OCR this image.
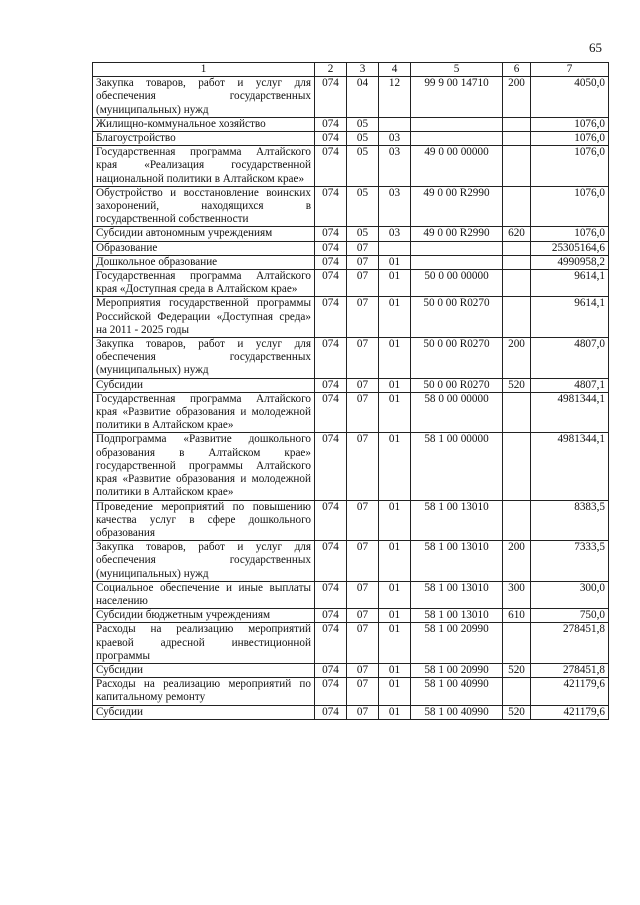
65
1	2	3	4	5	6	7
Закупка товаров, работ и услуг для обеспечения государственных (муниципальных) нужд	074	04	12	99 9 00 14710	200	4050,0
Жилищно-коммунальное хозяйство	074	05				1076,0
Благоустройство	074	05	03			1076,0
Государственная программа Алтайского края «Реализация государственной национальной политики в Алтайском крае»	074	05	03	49 0 00 00000		1076,0
Обустройство и восстановление воинских захоронений, находящихся в государственной собственности	074	05	03	49 0 00 R2990		1076,0
Субсидии автономным учреждениям	074	05	03	49 0 00 R2990	620	1076,0
Образование	074	07				25305164,6
Дошкольное образование	074	07	01			4990958,2
Государственная программа Алтайского края «Доступная среда в Алтайском крае»	074	07	01	50 0 00 00000		9614,1
Мероприятия государственной программы Российской Федерации «Доступная среда» на 2011 - 2025 годы	074	07	01	50 0 00 R0270		9614,1
Закупка товаров, работ и услуг для обеспечения государственных (муниципальных) нужд	074	07	01	50 0 00 R0270	200	4807,0
Субсидии	074	07	01	50 0 00 R0270	520	4807,1
Государственная программа Алтайского края «Развитие образования и молодежной политики в Алтайском крае»	074	07	01	58 0 00 00000		4981344,1
Подпрограмма «Развитие дошкольного образования в Алтайском крае» государственной программы Алтайского края «Развитие образования и молодежной политики в Алтайском крае»	074	07	01	58 1 00 00000		4981344,1
Проведение мероприятий по повышению качества услуг в сфере дошкольного образования	074	07	01	58 1 00 13010		8383,5
Закупка товаров, работ и услуг для обеспечения государственных (муниципальных) нужд	074	07	01	58 1 00 13010	200	7333,5
Социальное обеспечение и иные выплаты населению	074	07	01	58 1 00 13010	300	300,0
Субсидии бюджетным учреждениям	074	07	01	58 1 00 13010	610	750,0
Расходы на реализацию мероприятий краевой адресной инвестиционной программы	074	07	01	58 1 00 20990		278451,8
Субсидии	074	07	01	58 1 00 20990	520	278451,8
Расходы на реализацию мероприятий по капитальному ремонту	074	07	01	58 1 00 40990		421179,6
Субсидии	074	07	01	58 1 00 40990	520	421179,6
